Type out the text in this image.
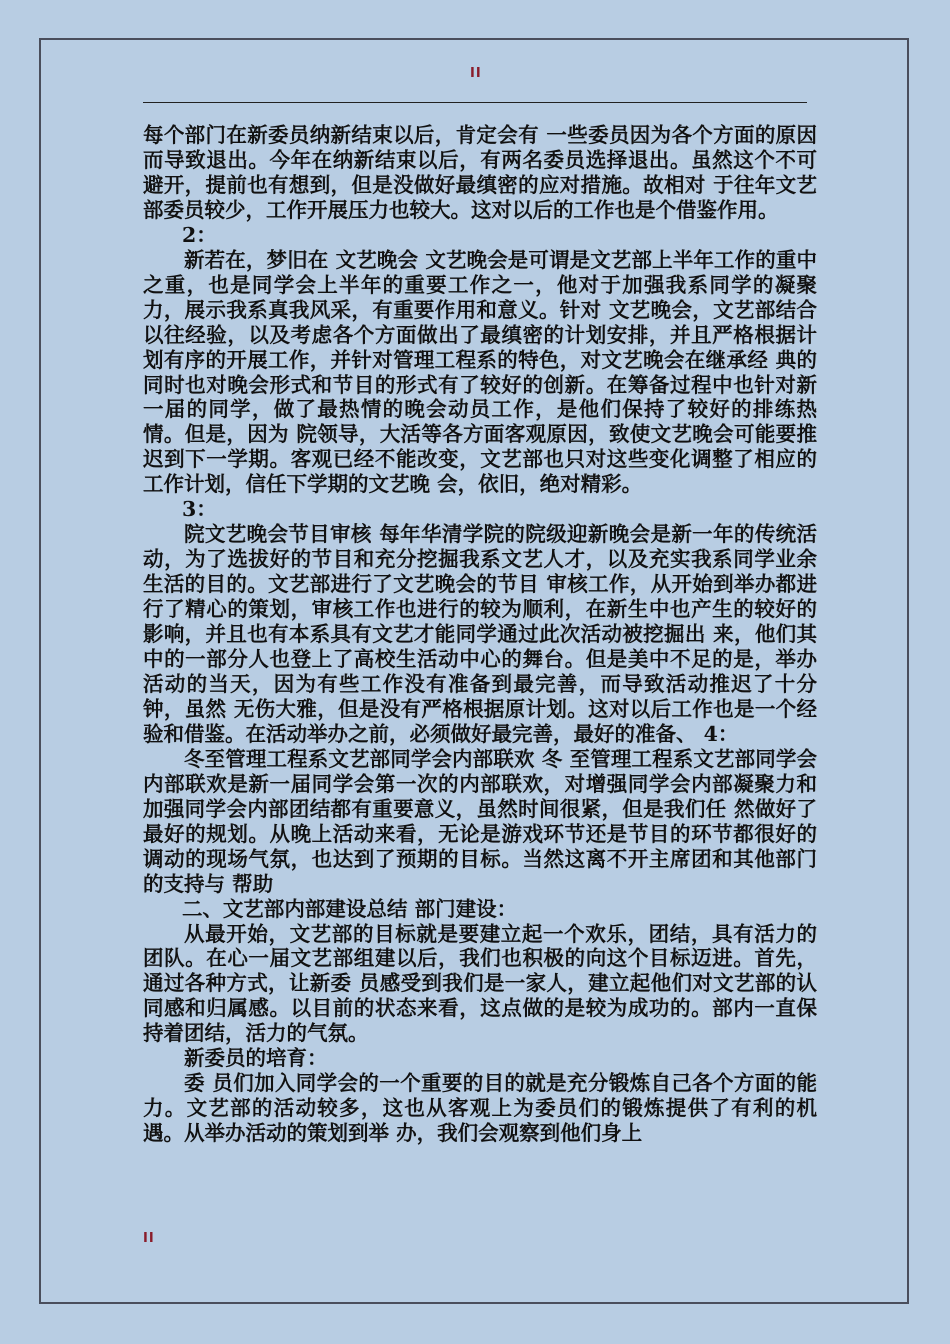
II

每个部门在新委员纳新结束以后，肯定会有 一些委员因为各个方面的原因而导致退出。今年在纳新结束以后，有两名委员选择退出。虽然这个不可避开，提前也有想到，但是没做好最缜密的应对措施。故相对 于往年文艺部委员较少，工作开展压力也较大。这对以后的工作也是个借鉴作用。

2：

新若在，梦旧在 文艺晚会 文艺晚会是可谓是文艺部上半年工作的重中之重，也是同学会上半年的重要工作之一，他对于加强我系同学的凝聚力，展示我系真我风采，有重要作用和意义。针对 文艺晚会，文艺部结合以往经验，以及考虑各个方面做出了最缜密的计划安排，并且严格根据计划有序的开展工作，并针对管理工程系的特色，对文艺晚会在继承经 典的同时也对晚会形式和节目的形式有了较好的创新。在筹备过程中也针对新一届的同学，做了最热情的晚会动员工作，是他们保持了较好的排练热情。但是，因为 院领导，大活等各方面客观原因，致使文艺晚会可能要推迟到下一学期。客观已经不能改变，文艺部也只对这些变化调整了相应的工作计划，信任下学期的文艺晚 会，依旧，绝对精彩。

3：

院文艺晚会节目审核 每年华清学院的院级迎新晚会是新一年的传统活动，为了选拔好的节目和充分挖掘我系文艺人才，以及充实我系同学业余生活的目的。文艺部进行了文艺晚会的节目 审核工作，从开始到举办都进行了精心的策划，审核工作也进行的较为顺利，在新生中也产生的较好的影响，并且也有本系具有文艺才能同学通过此次活动被挖掘出 来，他们其中的一部分人也登上了高校生活动中心的舞台。但是美中不足的是，举办活动的当天，因为有些工作没有准备到最完善，而导致活动推迟了十分钟，虽然 无伤大雅，但是没有严格根据原计划。这对以后工作也是一个经验和借鉴。在活动举办之前，必须做好最完善，最好的准备、 4：

冬至管理工程系文艺部同学会内部联欢 冬 至管理工程系文艺部同学会内部联欢是新一届同学会第一次的内部联欢，对增强同学会内部凝聚力和加强同学会内部团结都有重要意义，虽然时间很紧，但是我们任 然做好了最好的规划。从晚上活动来看，无论是游戏环节还是节目的环节都很好的调动的现场气氛，也达到了预期的目标。当然这离不开主席团和其他部门的支持与 帮助

二、文艺部内部建设总结 部门建设：

从最开始，文艺部的目标就是要建立起一个欢乐，团结，具有活力的团队。在心一届文艺部组建以后，我们也积极的向这个目标迈进。首先，通过各种方式，让新委 员感受到我们是一家人，建立起他们对文艺部的认同感和归属感。以目前的状态来看，这点做的是较为成功的。部内一直保持着团结，活力的气氛。

新委员的培育：

委 员们加入同学会的一个重要的目的就是充分锻炼自己各个方面的能力。文艺部的活动较多，这也从客观上为委员们的锻炼提供了有利的机遇。从举办活动的策划到举 办，我们会观察到他们身上

II
